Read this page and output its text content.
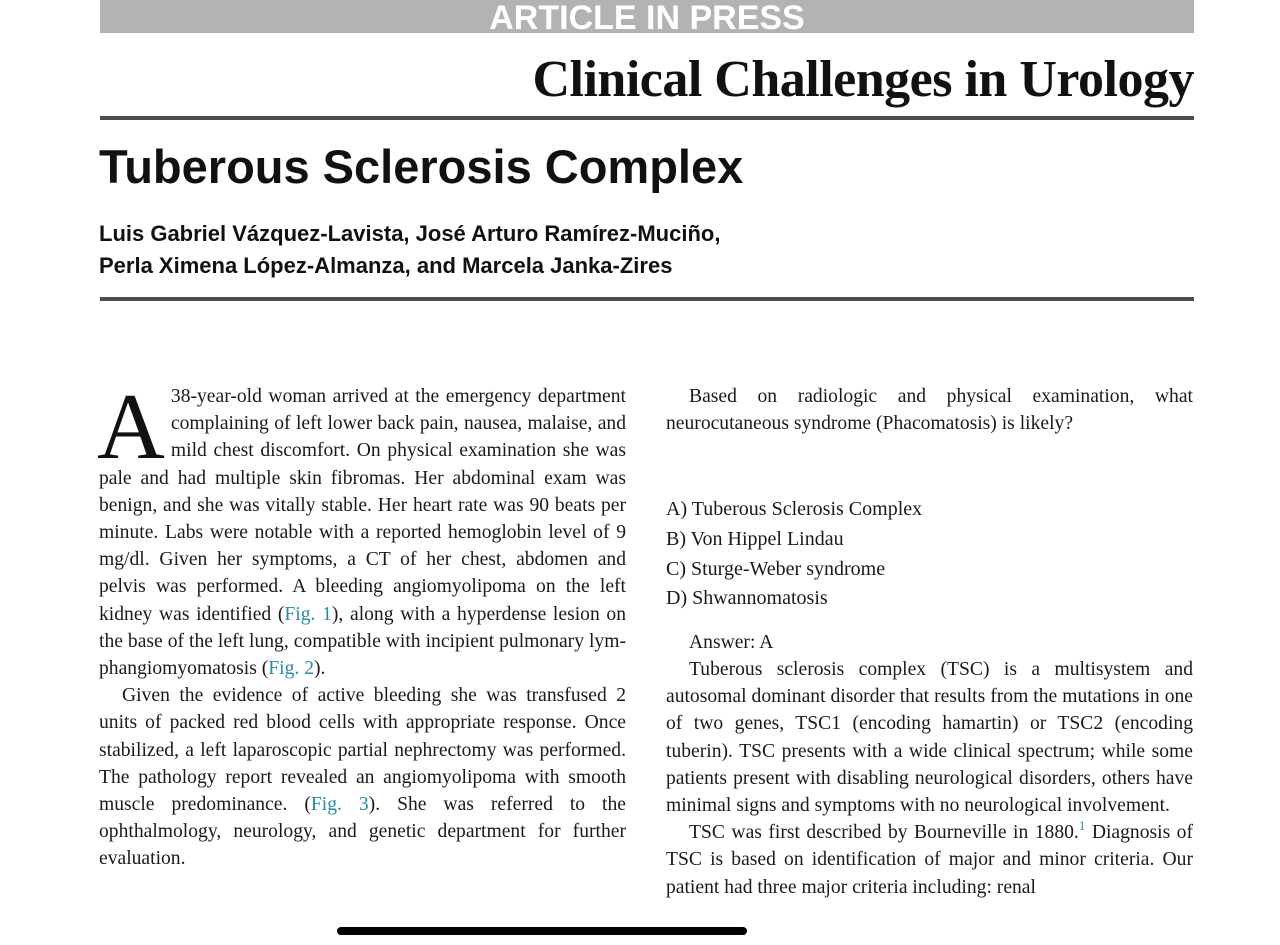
ARTICLE IN PRESS
Clinical Challenges in Urology
Tuberous Sclerosis Complex
Luis Gabriel Vázquez-Lavista, José Arturo Ramírez-Muciño,
Perla Ximena López-Almanza, and Marcela Janka-Zires

A 38-year-old woman arrived at the emergency department complaining of left lower back pain, nausea, malaise, and mild chest discomfort. On physical examination she was pale and had multiple skin fibromas. Her abdominal exam was benign, and she was vitally stable. Her heart rate was 90 beats per minute. Labs were notable with a reported hemoglobin level of 9 mg/dl. Given her symptoms, a CT of her chest, abdomen and pelvis was performed. A bleeding angiomyolipoma on the left kidney was identified (Fig. 1), along with a hyperdense lesion on the base of the left lung, compatible with incipient pulmonary lymphangiomyomatosis (Fig. 2).

Given the evidence of active bleeding she was transfused 2 units of packed red blood cells with appropriate response. Once stabilized, a left laparoscopic partial nephrectomy was performed. The pathology report revealed an angiomyolipoma with smooth muscle predominance. (Fig. 3). She was referred to the ophthalmology, neurology, and genetic department for further evaluation.

Based on radiologic and physical examination, what neurocutaneous syndrome (Phacomatosis) is likely?

A) Tuberous Sclerosis Complex
B) Von Hippel Lindau
C) Sturge-Weber syndrome
D) Shwannomatosis

Answer: A

Tuberous sclerosis complex (TSC) is a multisystem and autosomal dominant disorder that results from the mutations in one of two genes, TSC1 (encoding hamartin) or TSC2 (encoding tuberin). TSC presents with a wide clinical spectrum; while some patients present with disabling neurological disorders, others have minimal signs and symptoms with no neurological involvement.

TSC was first described by Bourneville in 1880.$^1$ Diagnosis of TSC is based on identification of major and minor criteria. Our patient had three major criteria including: renal
